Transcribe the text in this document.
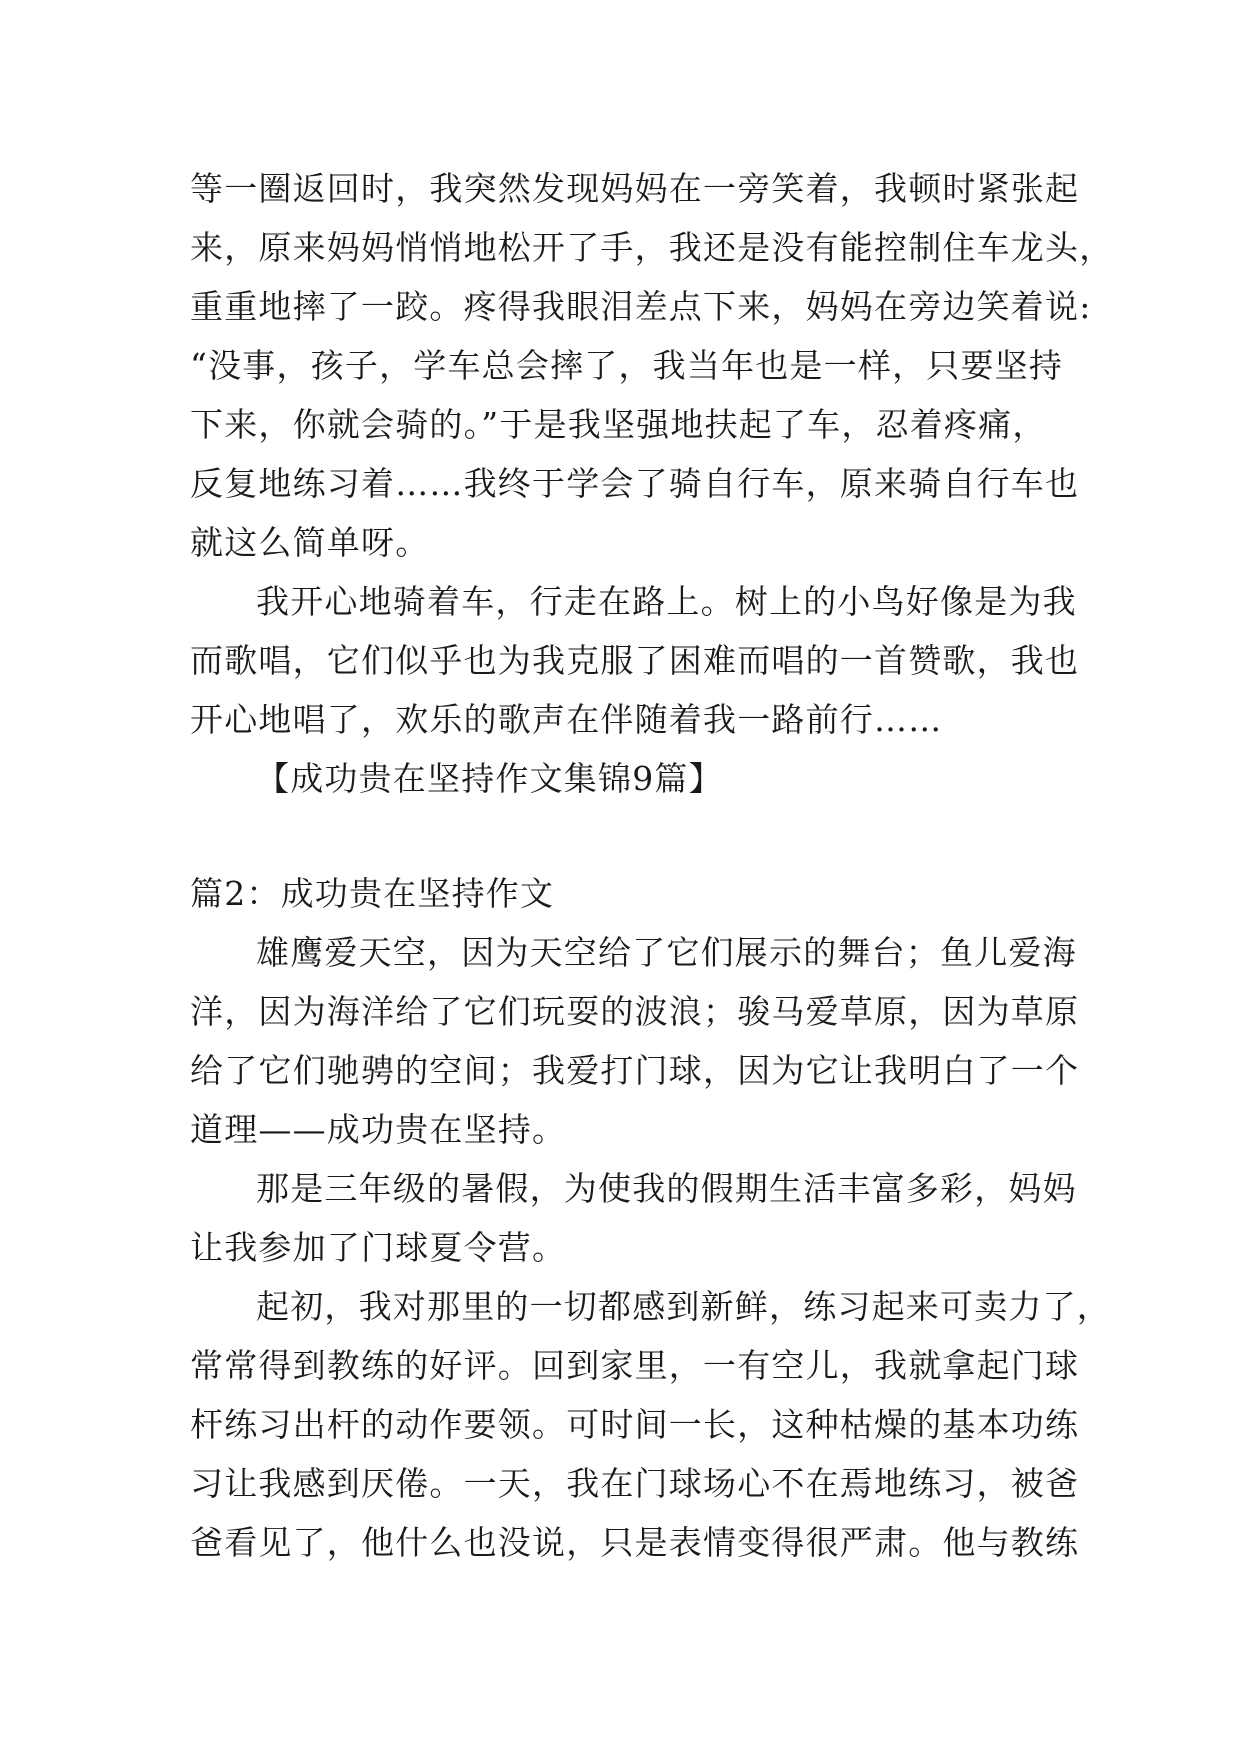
等一圈返回时，我突然发现妈妈在一旁笑着，我顿时紧张起
来，原来妈妈悄悄地松开了手，我还是没有能控制住车龙头，
重重地摔了一跤。疼得我眼泪差点下来，妈妈在旁边笑着说:
“没事，孩子，学车总会摔了，我当年也是一样，只要坚持
下来，你就会骑的。”于是我坚强地扶起了车，忍着疼痛，
反复地练习着……我终于学会了骑自行车，原来骑自行车也
就这么简单呀。
我开心地骑着车，行走在路上。树上的小鸟好像是为我
而歌唱，它们似乎也为我克服了困难而唱的一首赞歌，我也
开心地唱了，欢乐的歌声在伴随着我一路前行……
【成功贵在坚持作文集锦9篇】
篇2：成功贵在坚持作文
雄鹰爱天空，因为天空给了它们展示的舞台；鱼儿爱海
洋，因为海洋给了它们玩耍的波浪；骏马爱草原，因为草原
给了它们驰骋的空间；我爱打门球，因为它让我明白了一个
道理——成功贵在坚持。
那是三年级的暑假，为使我的假期生活丰富多彩，妈妈
让我参加了门球夏令营。
起初，我对那里的一切都感到新鲜，练习起来可卖力了，
常常得到教练的好评。回到家里，一有空儿，我就拿起门球
杆练习出杆的动作要领。可时间一长，这种枯燥的基本功练
习让我感到厌倦。一天，我在门球场心不在焉地练习，被爸
爸看见了，他什么也没说，只是表情变得很严肃。他与教练
